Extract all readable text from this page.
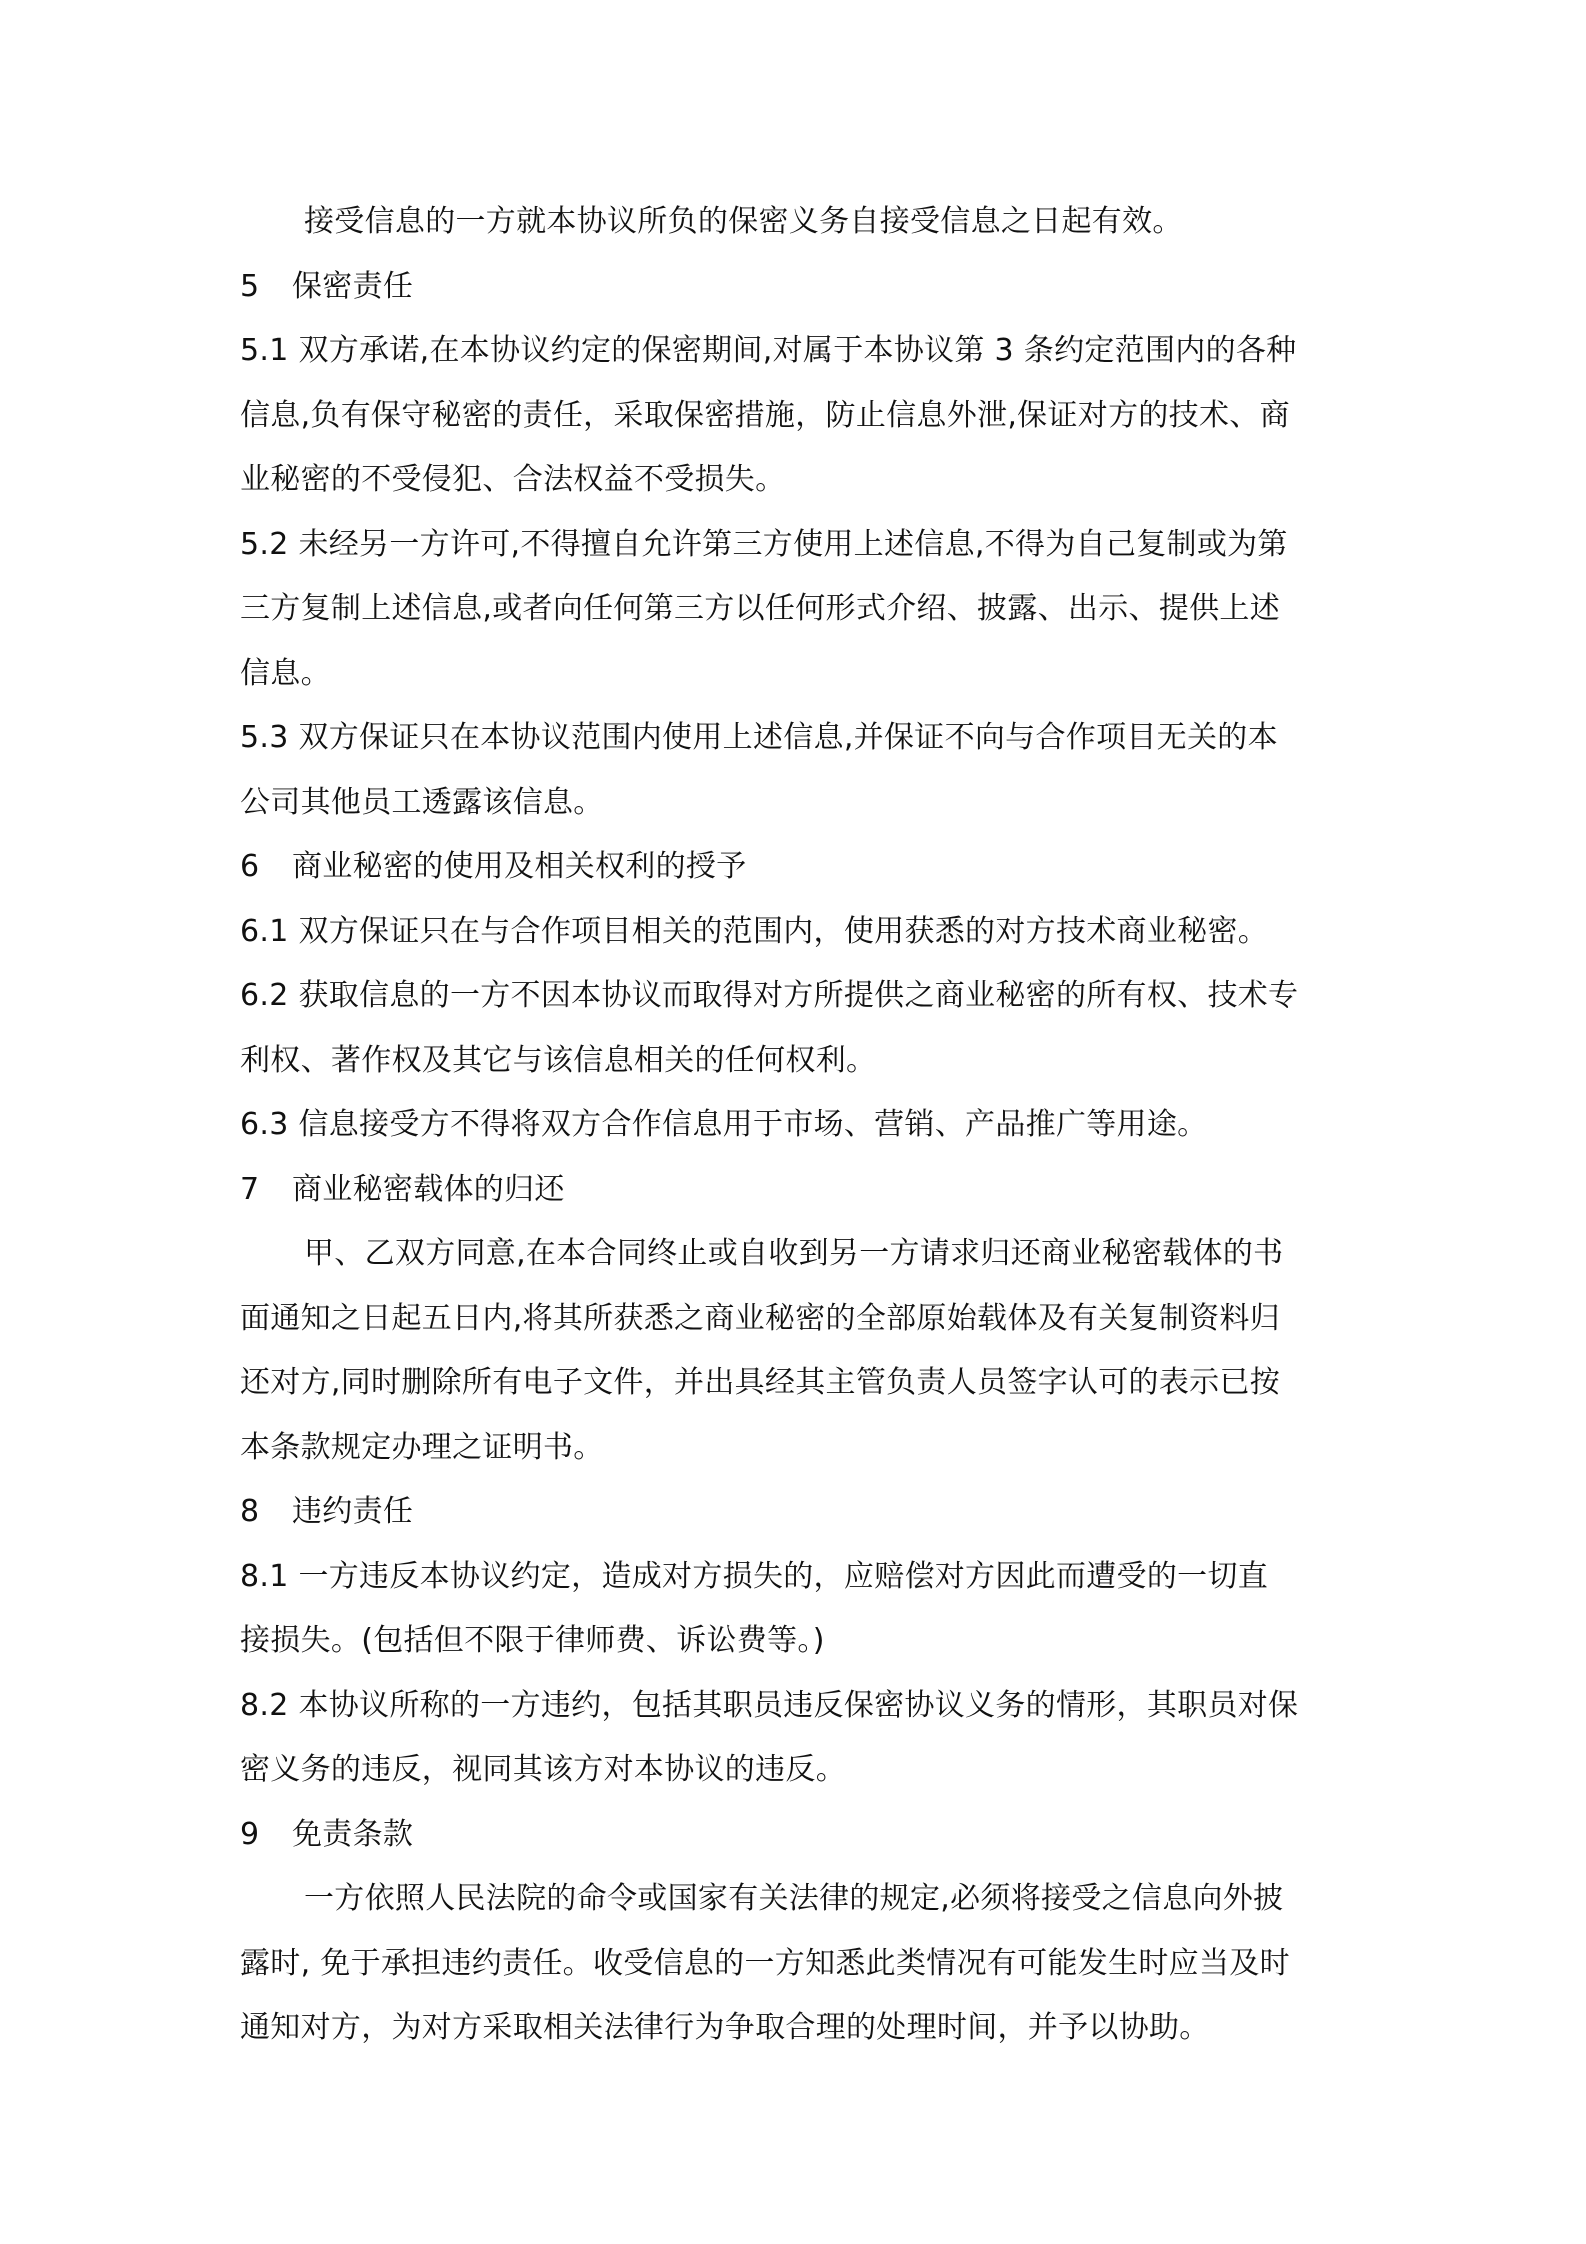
接受信息的一方就本协议所负的保密义务自接受信息之日起有效。
5 保密责任
5.1 双方承诺,在本协议约定的保密期间,对属于本协议第 3 条约定范围内的各种
信息,负有保守秘密的责任，采取保密措施，防止信息外泄,保证对方的技术、商
业秘密的不受侵犯、合法权益不受损失。
5.2 未经另一方许可,不得擅自允许第三方使用上述信息,不得为自己复制或为第
三方复制上述信息,或者向任何第三方以任何形式介绍、披露、出示、提供上述
信息。
5.3 双方保证只在本协议范围内使用上述信息,并保证不向与合作项目无关的本
公司其他员工透露该信息。
6 商业秘密的使用及相关权利的授予
6.1 双方保证只在与合作项目相关的范围内，使用获悉的对方技术商业秘密。
6.2 获取信息的一方不因本协议而取得对方所提供之商业秘密的所有权、技术专
利权、著作权及其它与该信息相关的任何权利。
6.3 信息接受方不得将双方合作信息用于市场、营销、产品推广等用途。
7 商业秘密载体的归还
甲、乙双方同意,在本合同终止或自收到另一方请求归还商业秘密载体的书
面通知之日起五日内,将其所获悉之商业秘密的全部原始载体及有关复制资料归
还对方,同时删除所有电子文件，并出具经其主管负责人员签字认可的表示已按
本条款规定办理之证明书。
8 违约责任
8.1 一方违反本协议约定，造成对方损失的，应赔偿对方因此而遭受的一切直
接损失。(包括但不限于律师费、诉讼费等。)
8.2 本协议所称的一方违约，包括其职员违反保密协议义务的情形，其职员对保
密义务的违反，视同其该方对本协议的违反。
9 免责条款
一方依照人民法院的命令或国家有关法律的规定,必须将接受之信息向外披
露时, 免于承担违约责任。收受信息的一方知悉此类情况有可能发生时应当及时
通知对方，为对方采取相关法律行为争取合理的处理时间，并予以协助。
